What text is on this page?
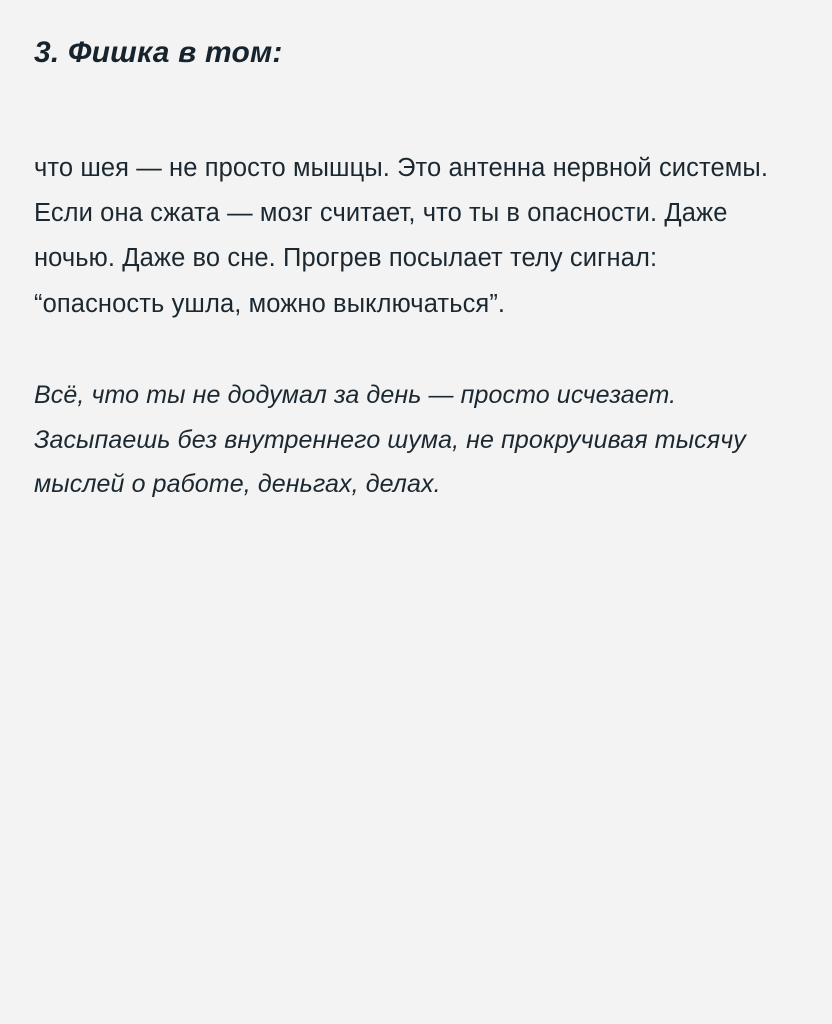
3. Фишка в том:

что шея — не просто мышцы. Это антенна нервной системы. Если она сжата — мозг считает, что ты в опасности. Даже ночью. Даже во сне. Прогрев посылает телу сигнал: “опасность ушла, можно выключаться”.

Всё, что ты не додумал за день — просто исчезает. Засыпаешь без внутреннего шума, не прокручивая тысячу мыслей о работе, деньгах, делах.
